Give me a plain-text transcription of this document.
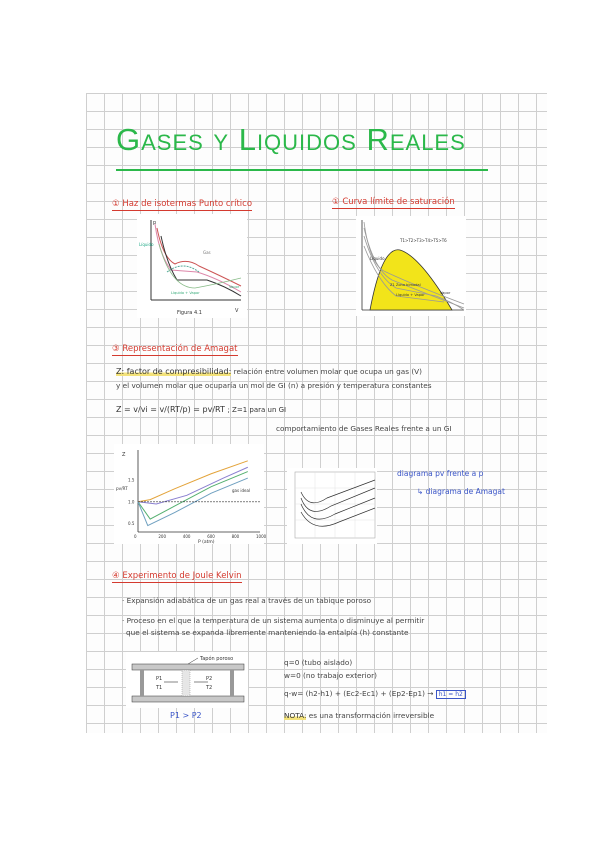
Gases y Liquidos Reales
① Haz de isotermas Punto crítico
p
V
Líquido
Gas
Líquido + Vapor
Vapor
Figura 4.1
① Curva límite de saturación
T1>T2>T3>T4>T5>T6
Líquido
Z1 Zona bimodal
Líquido + Vapor	Vapor
③ Representación de Amagat
Z: factor de compresibilidad: relación entre volumen molar que ocupa un gas (V)
y el volumen molar que ocuparía un mol de GI (n) a presión y temperatura constantes
Z = v/vi = v/(RT/p) = pv/RT ; Z=1 para un GI
comportamiento de Gases Reales frente a un GI
0	200	400	600	800	1000
1.5
1.0
0.5
Z
pv/RT	gas ideal
P (atm)
diagrama pv frente a p
↳ diagrama de Amagat
④ Experimento de Joule Kelvin
· Expansión adiabática de un gas real a través de un tabique poroso
· Proceso en el que la temperatura de un sistema aumenta o disminuye al permitir
que el sistema se expanda libremente manteniendo la entalpía (h) constante
Tapón poroso
P1
T1
P2
T2
P1 > P2
q=0 (tubo aislado)
w=0 (no trabajo exterior)
q-w= (h2-h1) + (Ec2-Ec1) + (Ep2-Ep1) → h1 = h2
NOTA: es una transformación irreversible
